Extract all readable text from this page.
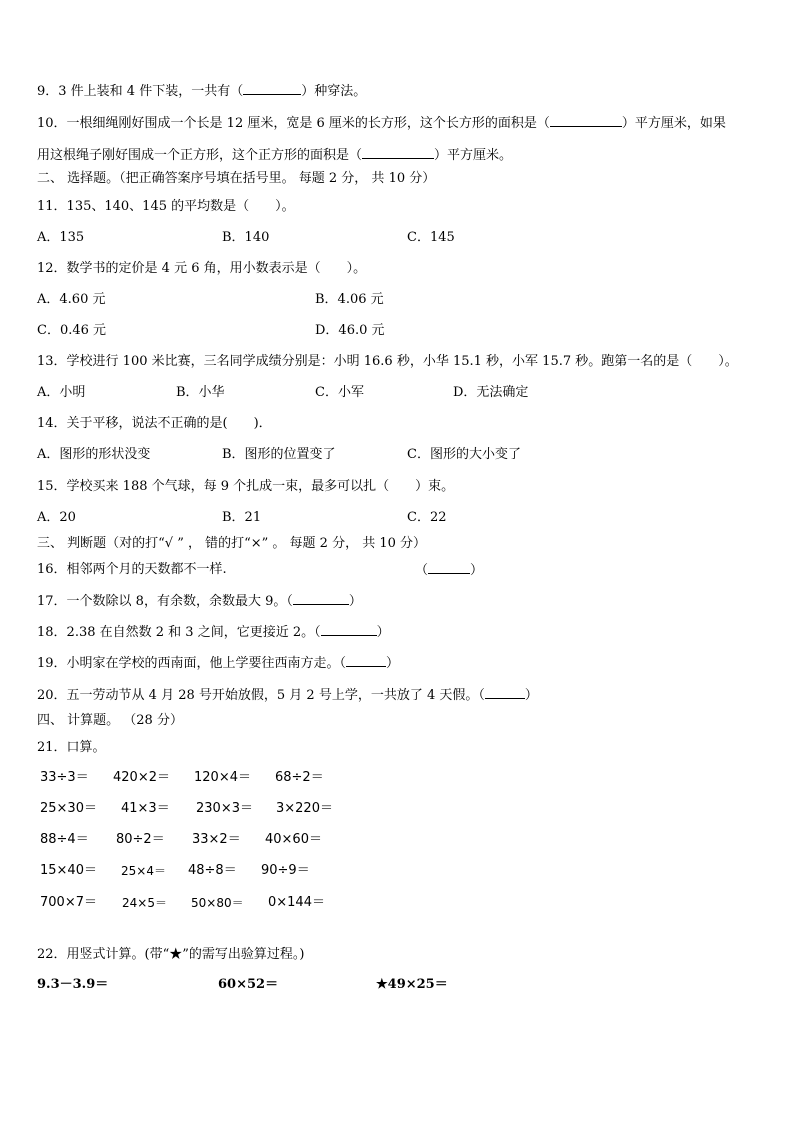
9．3 件上装和 4 件下装，一共有（	）种穿法。
10．一根细绳刚好围成一个长是 12 厘米，宽是 6 厘米的长方形，这个长方形的面积是（	）平方厘米，如果
用这根绳子刚好围成一个正方形，这个正方形的面积是（	）平方厘米。
二、 选择题。（把正确答案序号填在括号里。 每题 2 分， 共 10 分）
11．135、140、145 的平均数是（　　）。
A．135	B．140	C．145
12．数学书的定价是 4 元 6 角，用小数表示是（　　）。
A．4.60 元	B．4.06 元
C．0.46 元	D．46.0 元
13．学校进行 100 米比赛，三名同学成绩分别是：小明 16.6 秒，小华 15.1 秒，小军 15.7 秒。跑第一名的是（　　）。
A．小明	B．小华	C．小军	D．无法确定
14．关于平移，说法不正确的是(　　)．
A．图形的形状没变	B．图形的位置变了	C．图形的大小变了
15．学校买来 188 个气球，每 9 个扎成一束，最多可以扎（　　）束。
A．20	B．21	C．22
三、 判断题（对的打“√ ” ， 错的打“×” 。 每题 2 分， 共 10 分）
16．相邻两个月的天数都不一样.	（	）
17．一个数除以 8，有余数，余数最大 9。（	）
18．2.38 在自然数 2 和 3 之间，它更接近 2。（	）
19．小明家在学校的西南面，他上学要往西南方走。（	）
20．五一劳动节从 4 月 28 号开始放假，5 月 2 号上学，一共放了 4 天假。（	）
四、 计算题。 （28 分）
21．口算。
33÷3＝ 420×2＝ 120×4＝ 68÷2＝
25×30＝ 41×3＝ 230×3＝ 3×220＝
88÷4＝ 80÷2＝ 33×2＝ 40×60＝
15×40＝ 25×4＝ 48÷8＝ 90÷9＝
700×7＝ 24×5＝ 50×80＝ 0×144＝
22．用竖式计算。(带“★”的需写出验算过程。)
9.3－3.9＝	60×52＝	★49×25＝
